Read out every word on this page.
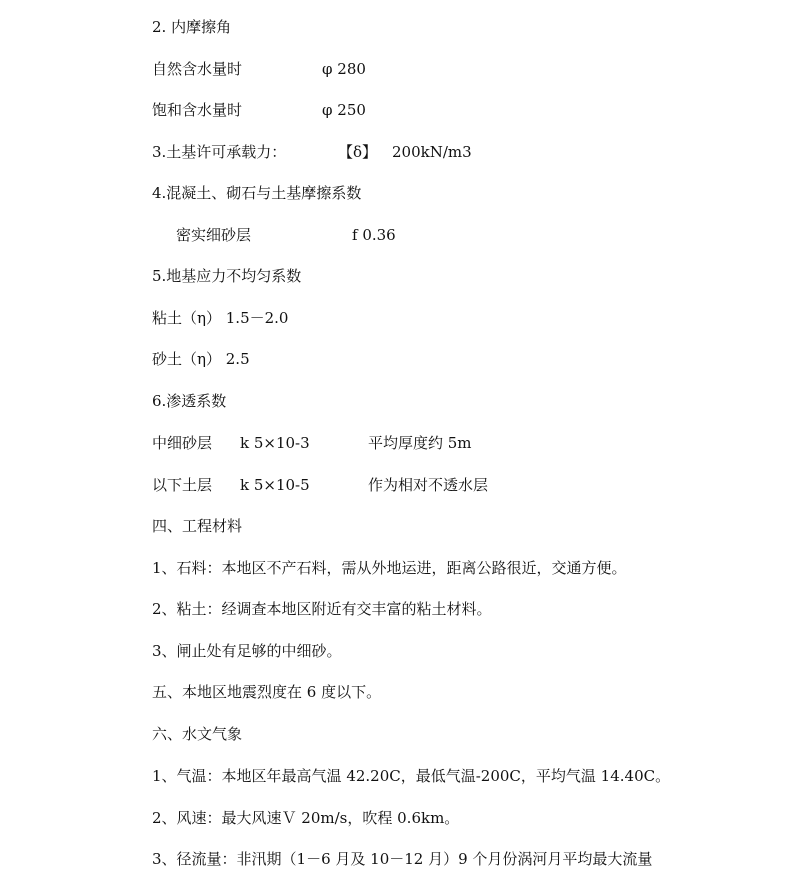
2. 内摩擦角
自然含水量时	φ 280
饱和含水量时	φ 250
3.土基许可承载力：	【δ】 200kN/m3
4.混凝土、砌石与土基摩擦系数
密实细砂层	f 0.36
5.地基应力不均匀系数
粘土（η） 1.5－2.0
砂土（η） 2.5
6.渗透系数
中细砂层 k 5×10-3	平均厚度约 5m
以下土层 k 5×10-5	作为相对不透水层
四、工程材料
1、石料：本地区不产石料，需从外地运进，距离公路很近，交通方便。
2、粘土：经调查本地区附近有交丰富的粘土材料。
3、闸止处有足够的中细砂。
五、本地区地震烈度在 6 度以下。
六、水文气象
1、气温：本地区年最高气温 42.20C，最低气温-200C，平均气温 14.40C。
2、风速：最大风速Ｖ 20m/s，吹程 0.6km。
3、径流量：非汛期（1－6 月及 10－12 月）9 个月份涡河月平均最大流量
